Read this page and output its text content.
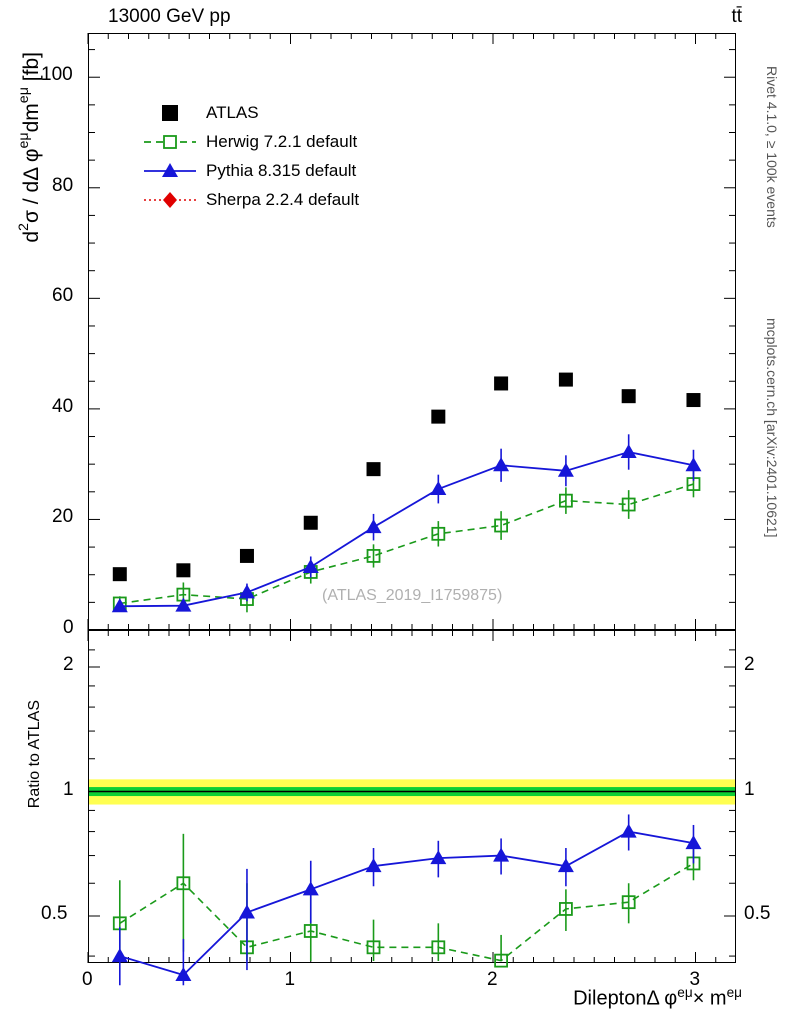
13000 GeV pp	tt̄
$d^2\sigma$ / dΔ $\varphi^{e\mu}dm^{e\mu}$ [fb]
Ratio to ATLAS
DileptonΔ $\varphi^{e\mu}\times m^{e\mu}$
Rivet 4.1.0, ≥ 100k events
mcplots.cern.ch [arXiv:2401.10621]
ATLAS
Herwig 7.2.1 default
Pythia 8.315 default
Sherpa 2.2.4 default
(ATLAS_2019_I1759875)
0
20
40
60
80
100
0.5	0.5
1	1
2	2
0	1	2	3
